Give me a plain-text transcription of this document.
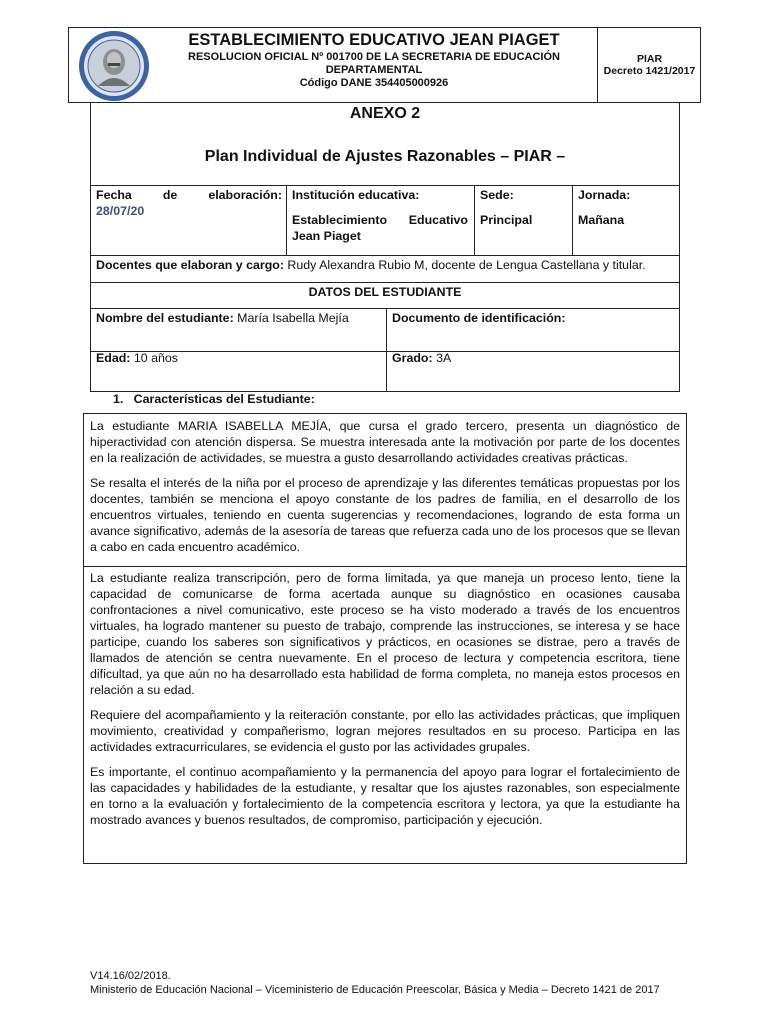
ESTABLECIMIENTO EDUCATIVO JEAN PIAGET
RESOLUCION OFICIAL Nº 001700 DE LA SECRETARIA DE EDUCACIÓN
DEPARTAMENTAL
Código DANE 354405000926
PIAR
Decreto 1421/2017
ANEXO 2
Plan Individual de Ajustes Razonables – PIAR –
Fecha de elaboración:
28/07/20
Institución educativa:
Establecimiento Educativo Jean Piaget
Sede:
Principal
Jornada:
Mañana
Docentes que elaboran y cargo: Rudy Alexandra Rubio M, docente de Lengua Castellana y titular.
DATOS DEL ESTUDIANTE
Nombre del estudiante: María Isabella Mejía	Documento de identificación:
Edad: 10 años	Grado: 3A
1.   Características del Estudiante:

La estudiante MARIA ISABELLA MEJÍA, que cursa el grado tercero, presenta un diagnóstico de hiperactividad con atención dispersa. Se muestra interesada ante la motivación por parte de los docentes en la realización de actividades, se muestra a gusto desarrollando actividades creativas prácticas.

Se resalta el interés de la niña por el proceso de aprendizaje y las diferentes temáticas propuestas por los docentes, también se menciona el apoyo constante de los padres de familia, en el desarrollo de los encuentros virtuales, teniendo en cuenta sugerencias y recomendaciones, logrando de esta forma un avance significativo, además de la asesoría de tareas que refuerza cada uno de los procesos que se llevan a cabo en cada encuentro académico.

La estudiante realiza transcripción, pero de forma limitada, ya que maneja un proceso lento, tiene la capacidad de comunicarse de forma acertada aunque su diagnóstico en ocasiones causaba confrontaciones a nivel comunicativo, este proceso se ha visto moderado a través de los encuentros virtuales, ha logrado mantener su puesto de trabajo, comprende las instrucciones, se interesa y se hace participe, cuando los saberes son significativos y prácticos, en ocasiones se distrae, pero a través de llamados de atención se centra nuevamente. En el proceso de lectura y competencia escritora, tiene dificultad, ya que aún no ha desarrollado esta habilidad de forma completa, no maneja estos procesos en relación a su edad.

Requiere del acompañamiento y la reiteración constante, por ello las actividades prácticas, que impliquen movimiento, creatividad y compañerismo, logran mejores resultados en su proceso. Participa en las actividades extracurriculares, se evidencia el gusto por las actividades grupales.

Es importante, el continuo acompañamiento y la permanencia del apoyo para lograr el fortalecimiento de las capacidades y habilidades de la estudiante, y resaltar que los ajustes razonables, son especialmente en torno a la evaluación y fortalecimiento de la competencia escritora y lectora, ya que la estudiante ha mostrado avances y buenos resultados, de compromiso, participación y ejecución.

V14.16/02/2018.
Ministerio de Educación Nacional – Viceministerio de Educación Preescolar, Básica y Media – Decreto 1421 de 2017
